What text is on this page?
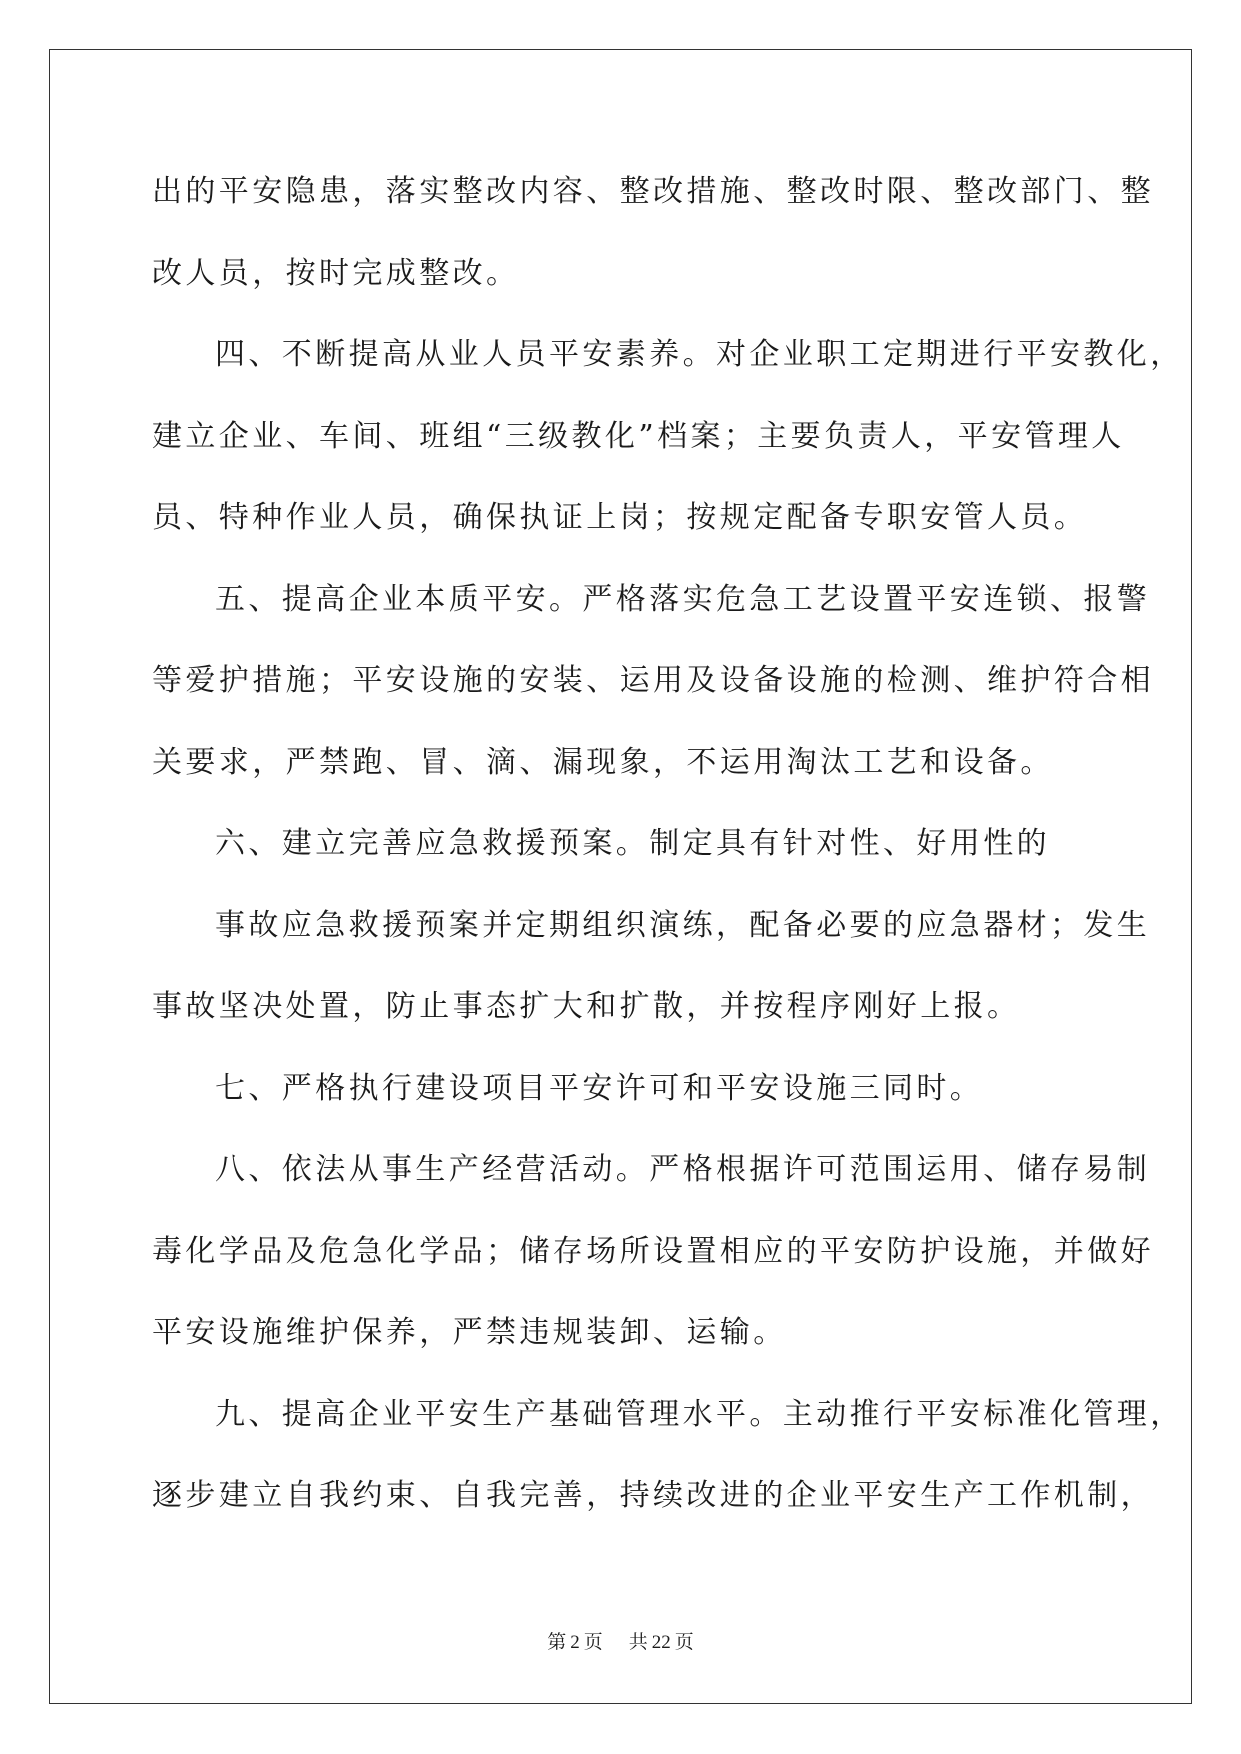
出的平安隐患，落实整改内容、整改措施、整改时限、整改部门、整
改人员，按时完成整改。
四、不断提高从业人员平安素养。对企业职工定期进行平安教化，
建立企业、车间、班组“三级教化”档案；主要负责人，平安管理人
员、特种作业人员，确保执证上岗；按规定配备专职安管人员。
五、提高企业本质平安。严格落实危急工艺设置平安连锁、报警
等爱护措施；平安设施的安装、运用及设备设施的检测、维护符合相
关要求，严禁跑、冒、滴、漏现象，不运用淘汰工艺和设备。
六、建立完善应急救援预案。制定具有针对性、好用性的
事故应急救援预案并定期组织演练，配备必要的应急器材；发生
事故坚决处置，防止事态扩大和扩散，并按程序刚好上报。
七、严格执行建设项目平安许可和平安设施三同时。
八、依法从事生产经营活动。严格根据许可范围运用、储存易制
毒化学品及危急化学品；储存场所设置相应的平安防护设施，并做好
平安设施维护保养，严禁违规装卸、运输。
九、提高企业平安生产基础管理水平。主动推行平安标准化管理，
逐步建立自我约束、自我完善，持续改进的企业平安生产工作机制，
第 2 页 共 22 页
